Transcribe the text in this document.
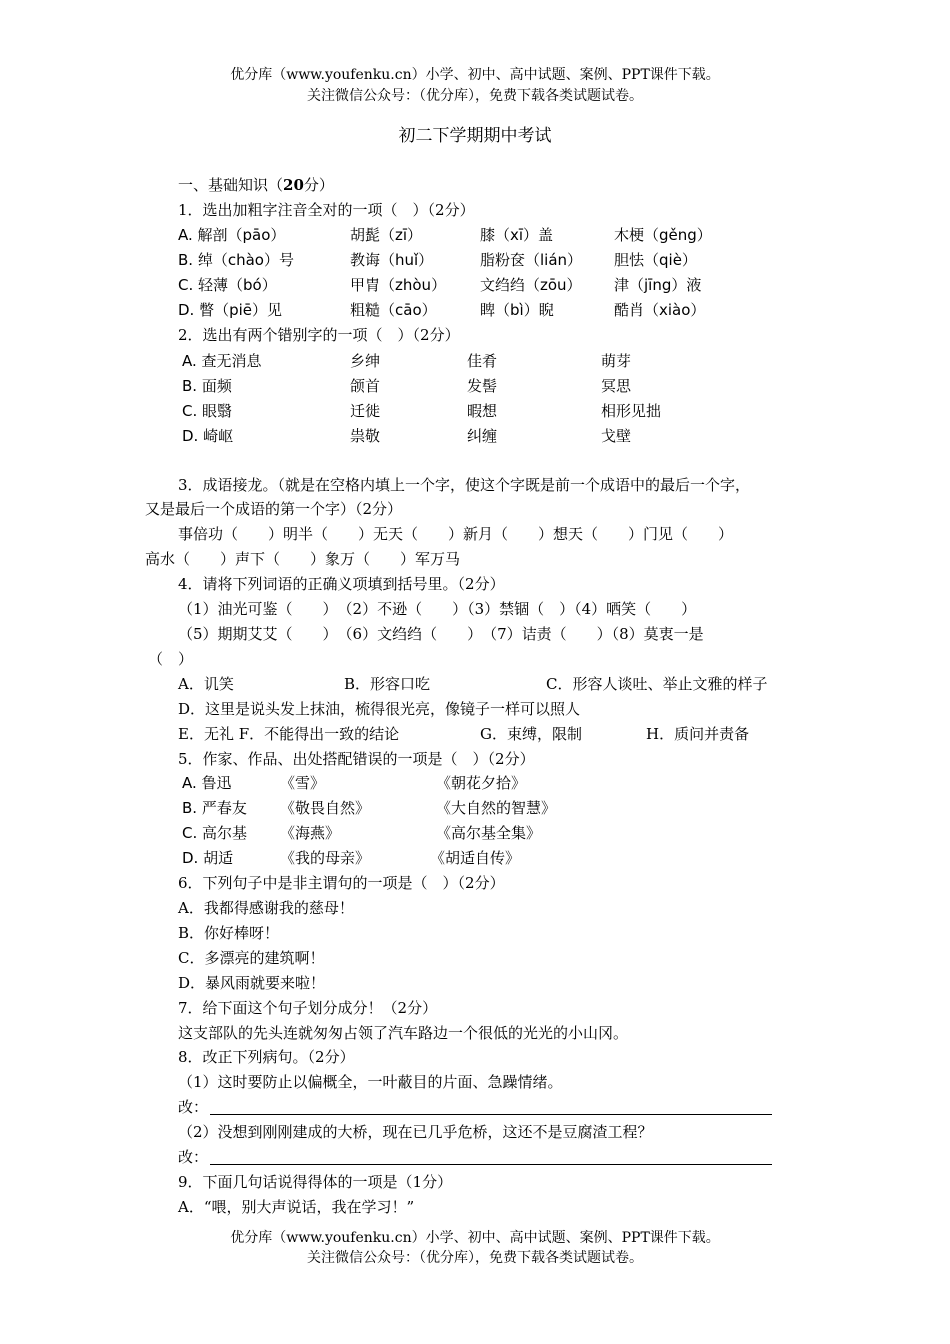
优分库（www.youfenku.cn）小学、初中、高中试题、案例、PPT课件下载。
关注微信公众号：（优分库），免费下载各类试题试卷。
初二下学期期中考试
一、基础知识（20分）
1．选出加粗字注音全对的一项（　）（2分）
A. 解剖（pāo）	胡髭（zī）	膝（xī）盖	木梗（gěng）
B. 绰（chào）号	教诲（huǐ）	脂粉奁（lián） 胆怯（qiè）
C. 轻薄（bó）	甲胄（zhòu） 文绉绉（zōu） 津（jīng）液
D. 瞥（piē）见	粗糙（cāo）	睥（bì）睨	酷肖（xiào）
2．选出有两个错别字的一项（　）（2分）
A. 查无消息	乡绅	佳肴	萌芽
B. 面频	颌首	发髻	冥思
C. 眼翳	迁徙	暇想	相形见拙
D. 崎岖	祟敬	纠缠	戈壁
3．成语接龙。（就是在空格内填上一个字，使这个字既是前一个成语中的最后一个字，
又是最后一个成语的第一个字）（2分）
事倍功（　　）明半（　　）无天（　　）新月（　　）想天（　　）门见（　　）
高水（　　）声下（　　）象万（　　）军万马
4．请将下列词语的正确义项填到括号里。（2分）
（1）油光可鉴（　　）　（2）不逊（　　）（3）禁锢（　）（4）哂笑（　　）
（5）期期艾艾（　　）　（6）文绉绉（　　）　（7）诘责（　　）（8）莫衷一是
（　）
A．讥笑	B．形容口吃	C．形容人谈吐、举止文雅的样子
D．这里是说头发上抹油，梳得很光亮，像镜子一样可以照人
E．无礼 F．不能得出一致的结论	G．束缚，限制	H．质问并责备
5．作家、作品、出处搭配错误的一项是（　）（2分）
A. 鲁迅	《雪》	《朝花夕拾》
B. 严春友 《敬畏自然》	《大自然的智慧》
C. 高尔基 《海燕》	《高尔基全集》
D. 胡适	《我的母亲》	《胡适自传》
6．下列句子中是非主谓句的一项是（　）（2分）
A．我都得感谢我的慈母！
B．你好棒呀！
C．多漂亮的建筑啊！
D．暴风雨就要来啦！
7．给下面这个句子划分成分！（2分）
这支部队的先头连就匆匆占领了汽车路边一个很低的光光的小山冈。
8．改正下列病句。（2分）
（1）这时要防止以偏概全，一叶蔽目的片面、急躁情绪。
改：
（2）没想到刚刚建成的大桥，现在已几乎危桥，这还不是豆腐渣工程？
改：
9．下面几句话说得得体的一项是（1分）
A．“喂，别大声说话，我在学习！”
优分库（www.youfenku.cn）小学、初中、高中试题、案例、PPT课件下载。
关注微信公众号：（优分库），免费下载各类试题试卷。
